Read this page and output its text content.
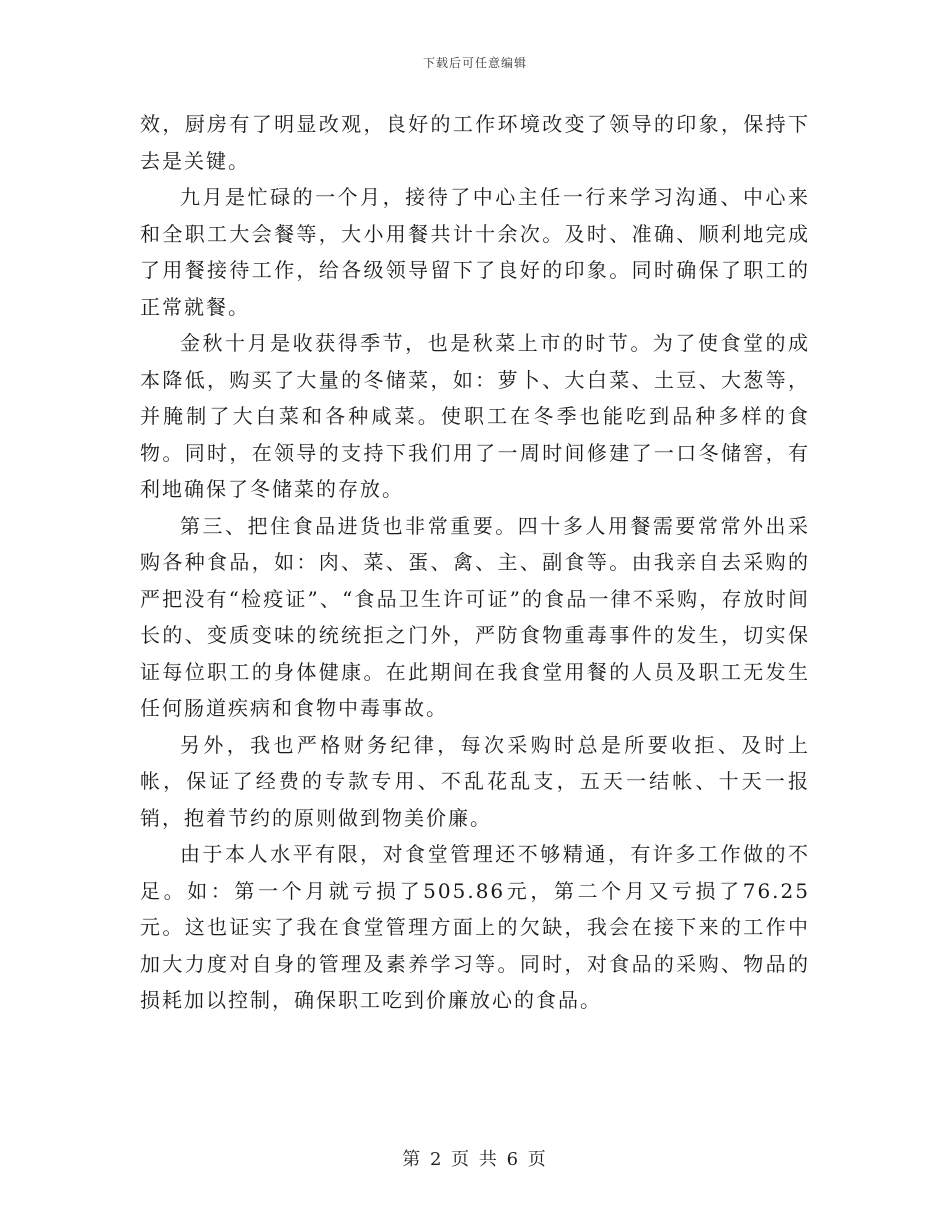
下载后可任意编辑

效，厨房有了明显改观，良好的工作环境改变了领导的印象，保持下去是关键。

九月是忙碌的一个月，接待了中心主任一行来学习沟通、中心来和全职工大会餐等，大小用餐共计十余次。及时、准确、顺利地完成了用餐接待工作，给各级领导留下了良好的印象。同时确保了职工的正常就餐。

金秋十月是收获得季节，也是秋菜上市的时节。为了使食堂的成本降低，购买了大量的冬储菜，如：萝卜、大白菜、土豆、大葱等，并腌制了大白菜和各种咸菜。使职工在冬季也能吃到品种多样的食物。同时，在领导的支持下我们用了一周时间修建了一口冬储窖，有利地确保了冬储菜的存放。

第三、把住食品进货也非常重要。四十多人用餐需要常常外出采购各种食品，如：肉、菜、蛋、禽、主、副食等。由我亲自去采购的严把没有“检疫证”、“食品卫生许可证”的食品一律不采购，存放时间长的、变质变味的统统拒之门外，严防食物重毒事件的发生，切实保证每位职工的身体健康。在此期间在我食堂用餐的人员及职工无发生任何肠道疾病和食物中毒事故。

另外，我也严格财务纪律，每次采购时总是所要收拒、及时上帐，保证了经费的专款专用、不乱花乱支，五天一结帐、十天一报销，抱着节约的原则做到物美价廉。

由于本人水平有限，对食堂管理还不够精通，有许多工作做的不足。如：第一个月就亏损了505.86元，第二个月又亏损了76.25元。这也证实了我在食堂管理方面上的欠缺，我会在接下来的工作中加大力度对自身的管理及素养学习等。同时，对食品的采购、物品的损耗加以控制，确保职工吃到价廉放心的食品。

第 2 页 共 6 页
